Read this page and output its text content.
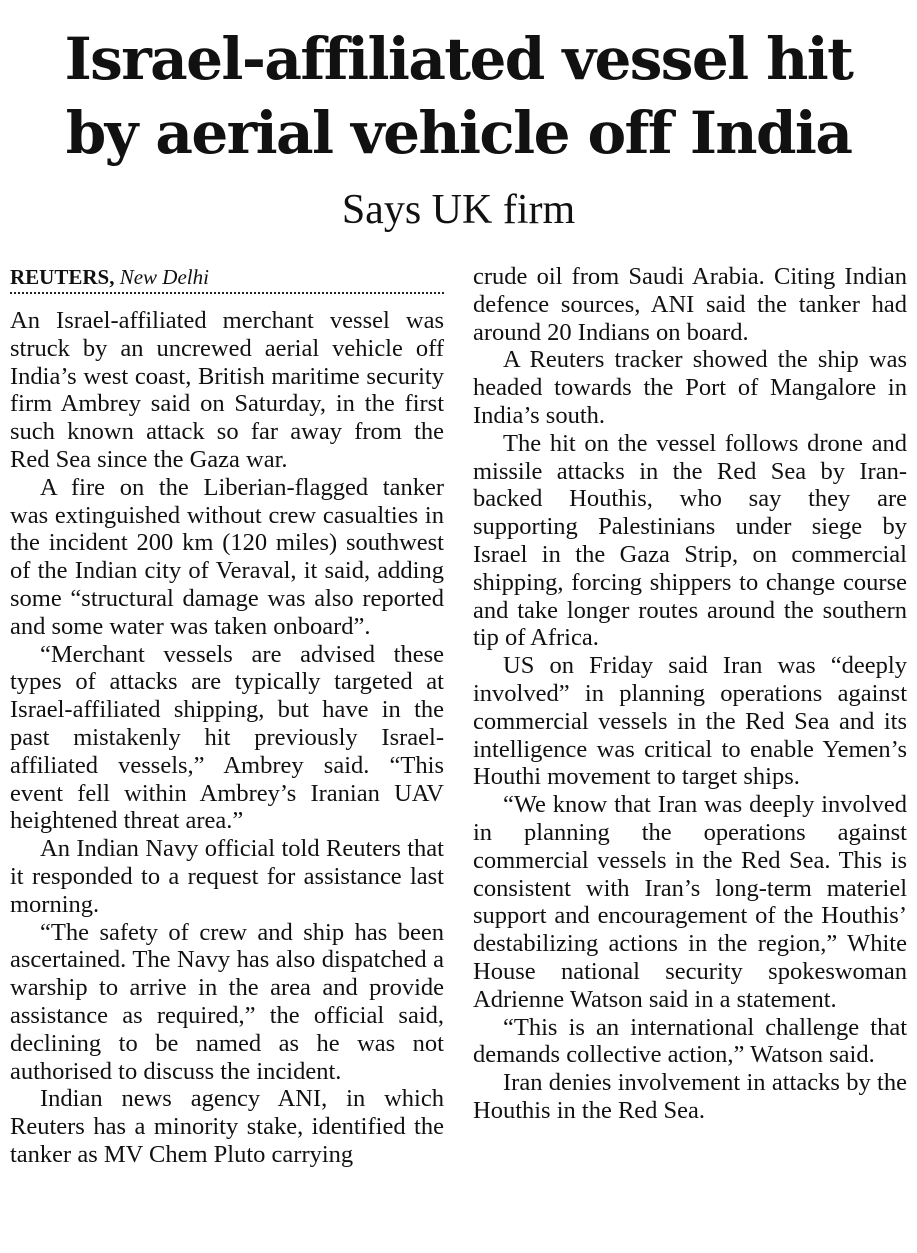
Israel-affiliated vessel hit
by aerial vehicle off India
Says UK firm
REUTERS, New Delhi

An Israel-affiliated merchant vessel was struck by an uncrewed aerial vehicle off India’s west coast, British maritime security firm Ambrey said on Saturday, in the first such known attack so far away from the Red Sea since the Gaza war.

A fire on the Liberian-flagged tanker was extinguished without crew casualties in the incident 200 km (120 miles) southwest of the Indian city of Veraval, it said, adding some “structural damage was also reported and some water was taken onboard”.

“Merchant vessels are advised these types of attacks are typically targeted at Israel-affiliated shipping, but have in the past mistakenly hit previously Israel-affiliated vessels,” Ambrey said. “This event fell within Ambrey’s Iranian UAV heightened threat area.”

An Indian Navy official told Reuters that it responded to a request for assistance last morning.

“The safety of crew and ship has been ascertained. The Navy has also dispatched a warship to arrive in the area and provide assistance as required,” the official said, declining to be named as he was not authorised to discuss the incident.

Indian news agency ANI, in which Reuters has a minority stake, identified the tanker as MV Chem Pluto carrying

crude oil from Saudi Arabia. Citing Indian defence sources, ANI said the tanker had around 20 Indians on board.

A Reuters tracker showed the ship was headed towards the Port of Mangalore in India’s south.

The hit on the vessel follows drone and missile attacks in the Red Sea by Iran-backed Houthis, who say they are supporting Palestinians under siege by Israel in the Gaza Strip, on commercial shipping, forcing shippers to change course and take longer routes around the southern tip of Africa.

US on Friday said Iran was “deeply involved” in planning operations against commercial vessels in the Red Sea and its intelligence was critical to enable Yemen’s Houthi movement to target ships.

“We know that Iran was deeply involved in planning the operations against commercial vessels in the Red Sea. This is consistent with Iran’s long-term materiel support and encouragement of the Houthis’ destabilizing actions in the region,” White House national security spokeswoman Adrienne Watson said in a statement.

“This is an international challenge that demands collective action,” Watson said.

Iran denies involvement in attacks by the Houthis in the Red Sea.
